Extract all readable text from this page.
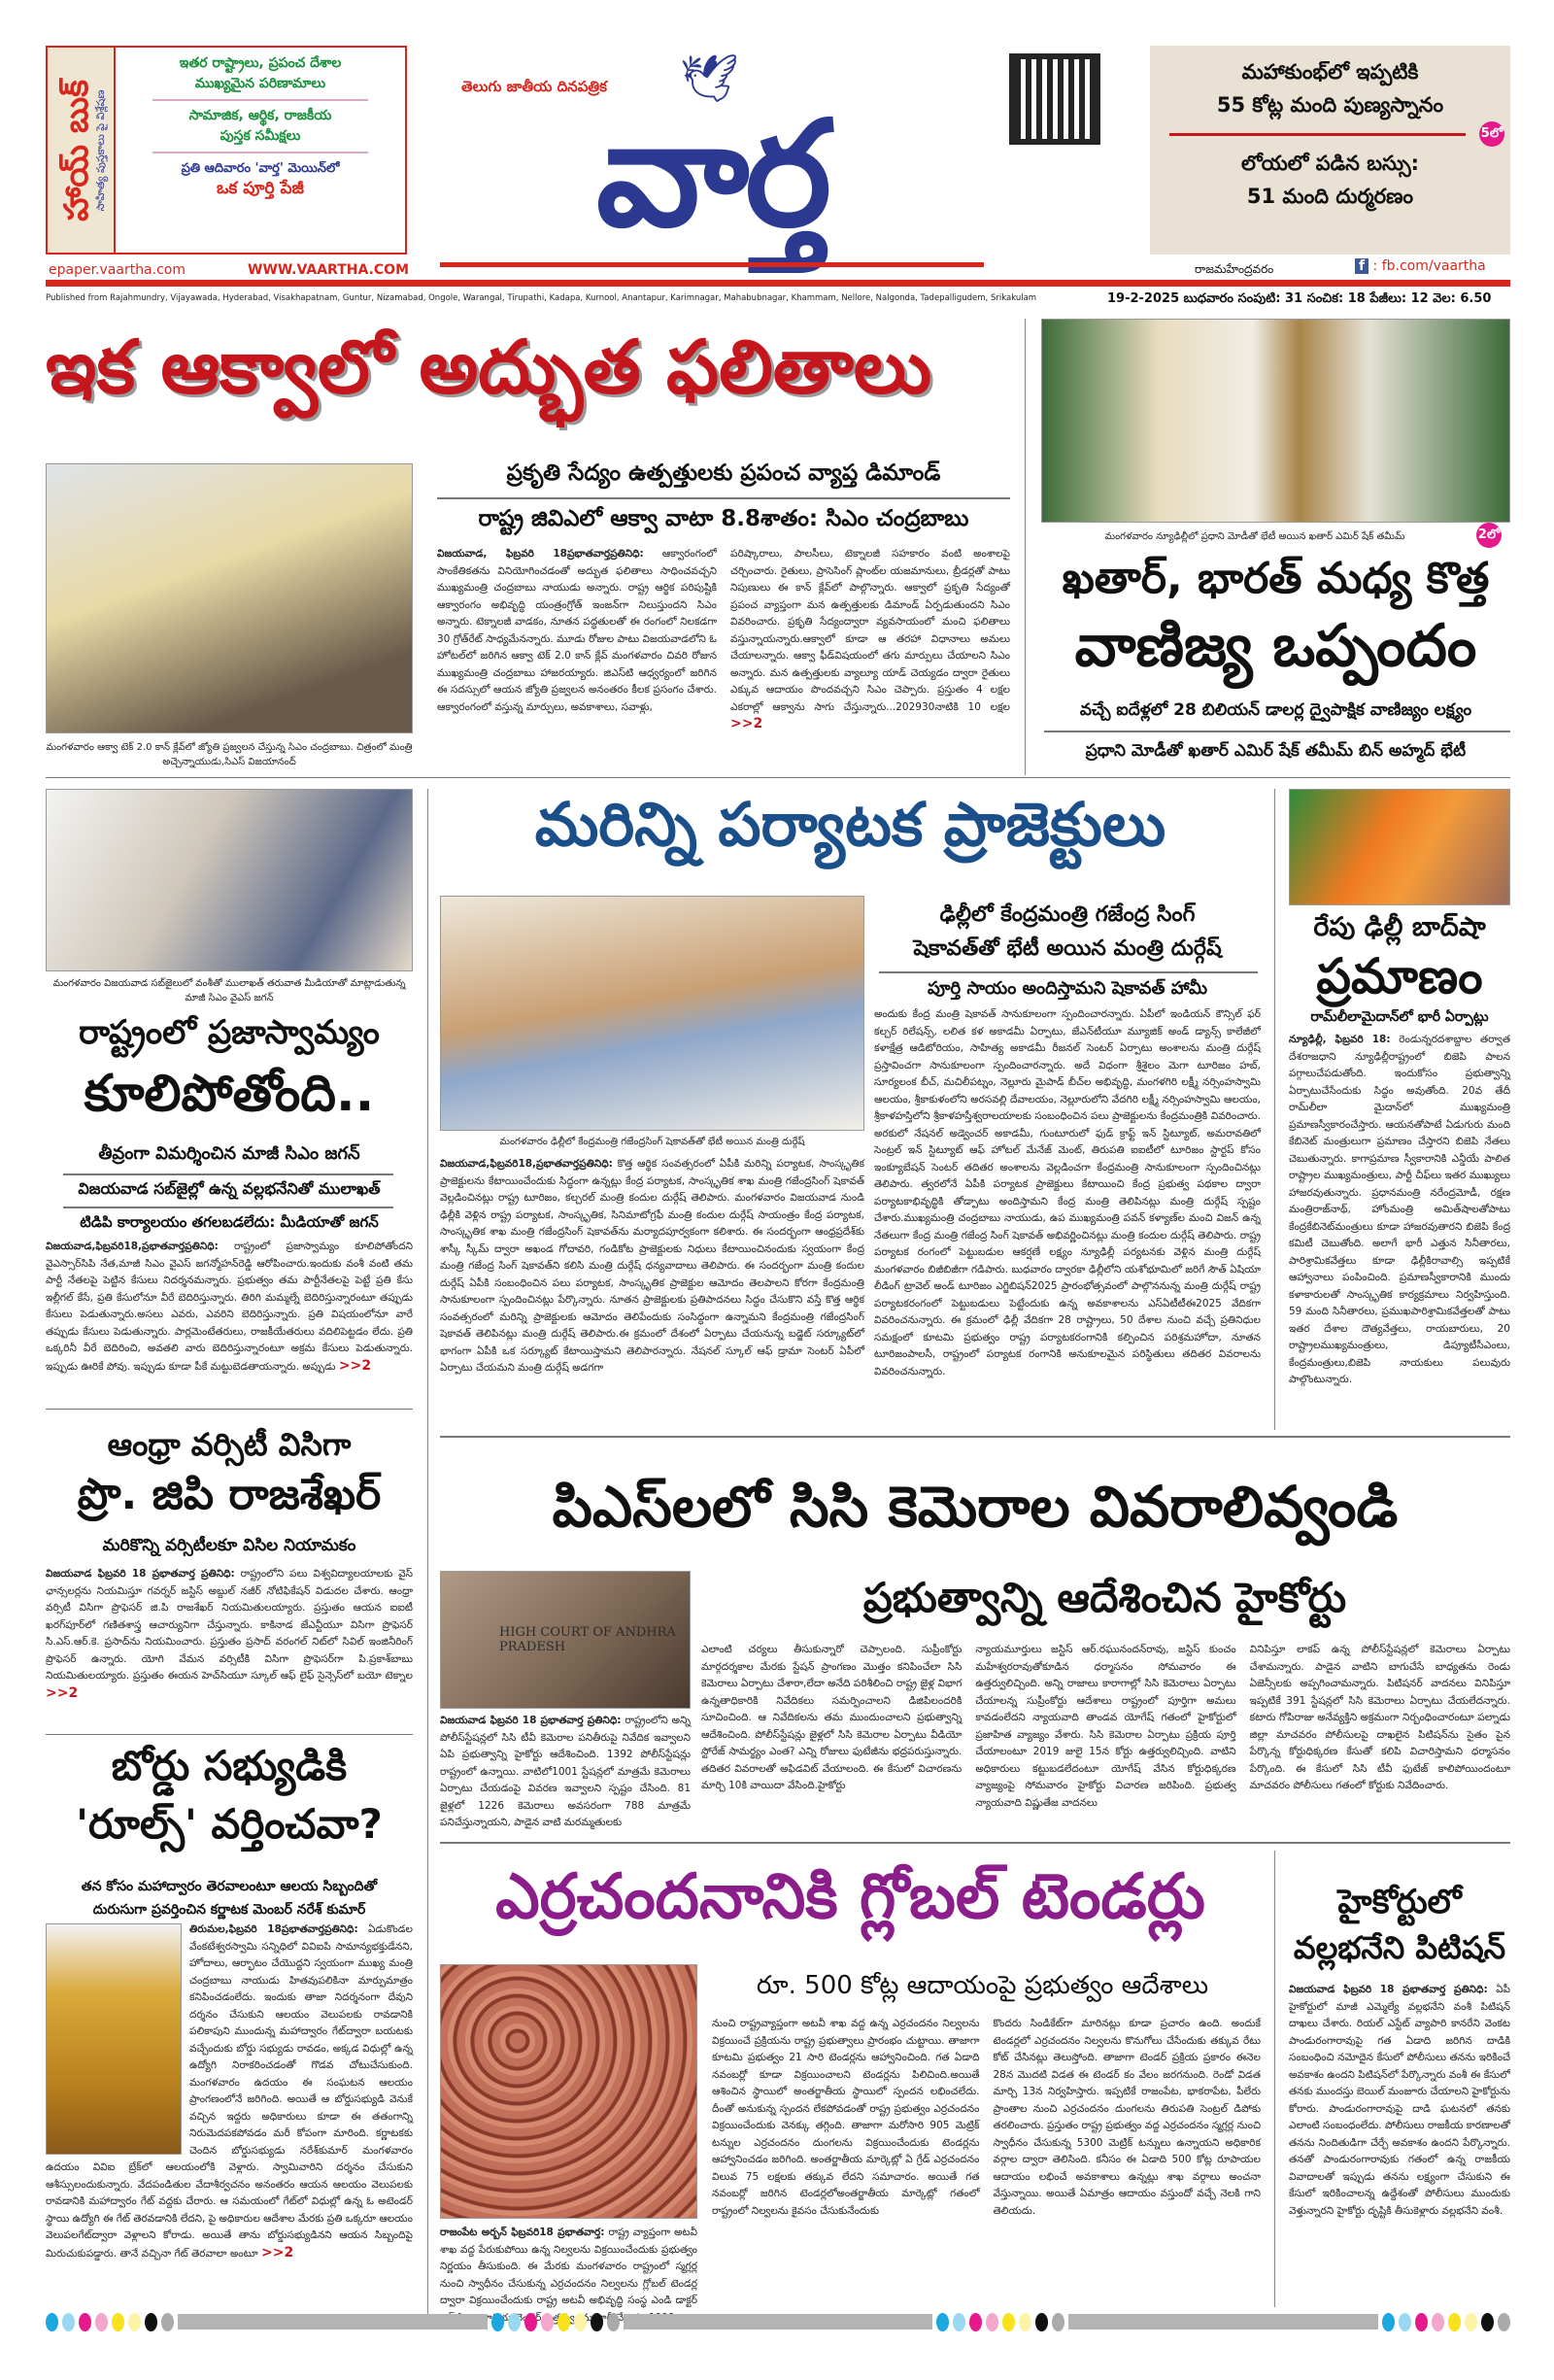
హాయ్ బుక్
సాహిత్య పుస్తకాలు పై విశ్లేషణ
ఇతర రాష్ట్రాలు, ప్రపంచ దేశాల
ముఖ్యమైన పరిణామాలు
సామాజిక, ఆర్థిక, రాజకీయ
పుస్తక సమీక్షలు
ప్రతి ఆదివారం 'వార్త' మెయిన్‌లో
ఒక పూర్తి పేజీ
epaper.vaartha.com	WWW.VAARTHA.COM
తెలుగు జాతీయ దినపత్రిక 🕊
వార్త
మహాకుంభ్‌లో ఇప్పటికి
55 కోట్ల మంది పుణ్యస్నానం
5లో
లోయలో పడిన బస్సు:
51 మంది దుర్మరణం
రాజమహేంద్రవరం	f : fb.com/vaartha
Published from Rajahmundry, Vijayawada, Hyderabad, Visakhapatnam, Guntur, Nizamabad, Ongole, Warangal, Tirupathi, Kadapa, Kurnool, Anantapur, Karimnagar, Mahabubnagar, Khammam, Nellore, Nalgonda, Tadepalligudem, Srikakulam	19-2-2025 బుధవారం సంపుటి: 31 సంచిక: 18 పేజీలు: 12 వెల: 6.50
ఇక ఆక్వాలో అద్భుత ఫలితాలు
మంగళవారం ఆక్వా టెక్ 2.0 కాన్ క్లేవ్‌లో జ్యోతి ప్రజ్వలన చేస్తున్న సిఎం చంద్రబాబు. చిత్రంలో మంత్రి అచ్చెన్నాయుడు,సిఎస్ విజయానంద్
ప్రకృతి సేద్యం ఉత్పత్తులకు ప్రపంచ వ్యాప్త డిమాండ్
రాష్ట్ర జివిఎలో ఆక్వా వాటా 8.8శాతం: సిఎం చంద్రబాబు
విజయవాడ, ఫిబ్రవరి 18ప్రభాతవార్తప్రతినిధి: ఆక్వారంగంలో సాంకేతికతను వినియోగించడంతో అద్భుత ఫలితాలు సాధించవచ్చని ముఖ్యమంత్రి చంద్రబాబు నాయుడు అన్నారు. రాష్ట్ర ఆర్థిక పరిపుష్టికి ఆక్వారంగం అభివృద్ధి యంత్రంగ్రోత్ ఇంజన్‌గా నిలుస్తుందని సిఎం అన్నారు. టెక్నాలజీ వాడకం, నూతన పద్ధతులతో ఈ రంగంలో నిలకడగా 30 గ్రోత్‌రేట్ సాధ్యమేనన్నారు. మూడు రోజుల పాటు విజయవాడలోని ఓ హోటల్‌లో జరిగిన ఆక్వా టెక్ 2.0 కాన్ క్లేవ్ మంగళవారం చివరి రోజున ముఖ్యమంత్రి చంద్రబాబు హాజరయ్యారు. జిఎస్‌టి ఆధ్వర్యంలో జరిగిన ఈ సదస్సులో ఆయన జ్యోతి ప్రజ్వలన అనంతరం కీలక ప్రసంగం చేశారు. ఆక్వారంగంలో వస్తున్న మార్పులు, అవకాశాలు, సవాళ్లు,
పరిష్కారాలు, పాలసీలు, టెక్నాలజీ సహకారం వంటి అంశాలపై చర్చించారు. రైతులు, ప్రాసెసింగ్ ప్లాంట్‌ల యజమానులు, బ్రీడర్లతో పాటు నిపుణులు ఈ కాన్ క్లేవ్‌లో పాల్గొన్నారు. ఆక్వాలో ప్రకృతి సేద్యంతో ప్రపంచ వ్యాప్తంగా మన ఉత్పత్తులకు డిమాండ్ ఏర్పడుతుందని సిఎం వివరించారు. ప్రకృతి సేద్యంద్వారా వ్యవసాయంలో మంచి ఫలితాలు వస్తున్నాయన్నారు.ఆక్వాలో కూడా ఆ తరహా విధానాలు అమలు చేయాలన్నారు. ఆక్వా ఫీడ్‌విషయంలో తగు మార్పులు చేయాలని సిఎం అన్నారు. మన ఉత్పత్తులకు వ్యాల్యూ యాడ్ చెయ్యడం ద్వారా రైతులు ఎక్కువ ఆదాయం పొందవచ్చని సిఎం చెప్పారు. ప్రస్తుతం 4 లక్షల ఎకరాల్లో ఆక్వాను సాగు చేస్తున్నారు...202930నాటికి 10 లక్షల >>2
మంగళవారం న్యూఢిల్లీలో ప్రధాని మోడీతో భేటీ అయిన ఖతార్ ఎమిర్ షేక్ తమీమ్	2లో
ఖతార్, భారత్ మధ్య కొత్త
వాణిజ్య ఒప్పందం
వచ్చే ఐదేళ్లలో 28 బిలియన్ డాలర్ల ద్వైపాక్షిక వాణిజ్యం లక్ష్యం
ప్రధాని మోడీతో ఖతార్ ఎమిర్ షేక్ తమీమ్ బిన్ అహ్మద్ భేటీ
మంగళవారం విజయవాడ సబ్‌జైలులో వంశీతో ములాఖత్ తరువాత మీడియాతో మాట్లాడుతున్న మాజీ సిఎం వైఎస్ జగన్
రాష్ట్రంలో ప్రజాస్వామ్యం
కూలిపోతోంది..
తీవ్రంగా విమర్శించిన మాజీ సిఎం జగన్
విజయవాడ సబ్‌జైల్లో ఉన్న వల్లభనేనితో ములాఖత్
టిడిపి కార్యాలయం తగలబడలేదు: మీడియాతో జగన్
విజయవాడ,ఫిబ్రవరి18,ప్రభాతవార్తప్రతినిధి: రాష్ట్రంలో ప్రజాస్వామ్యం కూలిపోతోందని వైఎస్సార్‌సిపి నేత,మాజీ సిఎం వైఎస్ జగన్మోహన్‌రెడ్డి ఆరోపించారు.ఇందుకు వంశీ వంటి తమ పార్టీ నేతలపై పెట్టిన కేసులు నిదర్శనమన్నారు. ప్రభుత్వం తమ పార్టీనేతలపై పెట్టే ప్రతి కేసు ఇల్లీగల్ కేసే, ప్రతి కేసులోనూ వీరే బెదిరిస్తున్నారు. తిరిగి మమ్మల్నే బెదిరిస్తున్నారంటూ తప్పుడు కేసులు పెడుతున్నారు.అసలు ఎవరు, ఎవరిని బెదిరిస్తున్నారు. ప్రతి విషయంలోనూ వారే తప్పుడు కేసులు పెడుతున్నారు. పార్లమెంటేతరులు, రాజకీయేతరులు వదిలిపెట్టడం లేదు. ప్రతి ఒక్కరినీ వీరే బెదిరించి, అవతలి వారు బెదిరిస్తున్నారంటూ అక్రమ కేసులు పెడుతున్నారు. ఇప్పుడు ఊరికే పోవు. ఇప్పుడు కూడా పీకే మట్టుబెడతాయన్నారు. అప్పుడు >>2
మరిన్ని పర్యాటక ప్రాజెక్టులు
మంగళవారం ఢిల్లీలో కేంద్రమంత్రి గజేంద్రసింగ్ షెకావత్‌తో భేటీ అయిన మంత్రి దుర్గేష్
ఢిల్లీలో కేంద్రమంత్రి గజేంద్ర సింగ్
షెకావత్‌తో భేటీ అయిన మంత్రి దుర్గేష్
పూర్తి సాయం అందిస్తామని షెకావత్ హామీ
అందుకు కేంద్ర మంత్రి షెకావత్ సానుకూలంగా స్పందించారన్నారు. ఏపీలో ఇండియన్ కౌన్సిల్ ఫర్ కల్చర్ రిలేషన్స్, లలిత కళ అకాడమీ ఏర్పాటు, జేఎన్‌టీయూ మ్యూజిక్ అండ్ డ్యాన్స్ కాలేజీలో కళాక్షేత్ర ఆడిటోరియం, సాహిత్య అకాడమీ రీజనల్ సెంటర్ ఏర్పాటు అంశాలను మంత్రి దుర్గేష్ ప్రస్తావించగా సానుకూలంగా స్పందించారన్నారు. అదే విధంగా శ్రీశైలం మెగా టూరిజం హబ్, సూర్యలంక బీచ్, మచిలీపట్నం, నెల్లూరు మైపాడ్ బీచ్‌ల అభివృద్ధి, మంగళగిరి లక్ష్మీ నర్సింహస్వామి ఆలయం, శ్రీకాకుళంలోని అరసవల్లి దేవాలయం, నెల్లూరులోని వేదగిరి లక్ష్మీ నర్సింహస్వామి ఆలయం, శ్రీకాళహస్తిలోని శ్రీకాళహస్తీశ్వరాలయాలకు సంబంధించిన పలు ప్రాజెక్టులను కేంద్రమంత్రికి వివరించారు. అరకులో నేషనల్ అడ్వెంచర్ అకాడమీ, గుంటూరులో ఫుడ్ క్రాఫ్ట్ ఇన్ స్టిట్యూట్, అమరావతిలో సెంట్రల్ ఇన్ స్టిట్యూట్ ఆఫ్ హోటల్ మేనేజ్ మెంట్, తిరుపతి ఐఐటీలో టూరిజం స్టార్టప్ కోసం ఇంక్యూబేషన్ సెంటర్ తదితర అంశాలను వెల్లడించగా కేంద్రమంత్రి సానుకూలంగా స్పందించినట్లు తెలిపారు. త్వరలోనే ఏపీకి పర్యాటక ప్రాజెక్టులు కేటాయించి కేంద్ర ప్రభుత్వ పథకాల ద్వారా పర్యాటకాభివృద్ధికి తోడ్పాటు అందిస్తామని కేంద్ర మంత్రి తెలిపినట్లు మంత్రి దుర్గేష్ స్పష్టం చేశారు.ముఖ్యమంత్రి చంద్రబాబు నాయుడు, ఉప ముఖ్యమంత్రి పవన్ కళ్యాణ్‌ల మంచి విజన్ ఉన్న నేతలుగా కేంద్ర మంత్రి గజేంద్ర సింగ్ షెకావత్ అభివర్ణించినట్లు మంత్రి కందుల దుర్గేష్ తెలిపారు. రాష్ట్ర పర్యాటక రంగంలో పెట్టుబడుల ఆకర్షణే లక్ష్యం న్యూఢిల్లీ పర్యటనకు వెళ్లిన మంత్రి దుర్గేష్ మంగళవారం బిజీబిజీగా గడిపారు. బుధవారం ద్వారకా ఢిల్లీలోని యశోభూమిలో జరిగే సౌత్ ఏషియా లీడింగ్ ట్రావెల్ అండ్ టూరిజం ఎగ్జిబిషన్2025 ప్రారంభోత్సవంలో పాల్గొననున్న మంత్రి దుర్గేష్ రాష్ట్ర పర్యాటకరంగంలో పెట్టుబడులు పెట్టేందుకు ఉన్న అవకాశాలను ఎస్‌ఏటీటీఈ2025 వేదికగా వివరించనున్నారు. ఈ క్రమంలో ఢిల్లీ వేదికగా 28 రాష్ట్రాలు, 50 దేశాల నుంచి వచ్చే ప్రతినిధుల సమక్షంలో కూటమి ప్రభుత్వం రాష్ట్ర పర్యాటకరంగానికి కల్పించిన పరిశ్రమహోదా, నూతన టూరిజంపాలసీ, రాష్ట్రంలో పర్యాటక రంగానికి అనుకూలమైన పరిస్థితులు తదితర వివరాలను వివరించనున్నారు.
విజయవాడ,ఫిబ్రవరి18,ప్రభాతవార్తప్రతినిధి: కొత్త ఆర్థిక సంవత్సరంలో ఏపీకి మరిన్ని పర్యాటక, సాంస్కృతిక ప్రాజెక్టులను కేటాయించేందుకు సిద్ధంగా ఉన్నట్లు కేంద్ర పర్యాటక, సాంస్కృతిక శాఖ మంత్రి గజేంద్రసింగ్ షెకావత్ వెల్లడించినట్లు రాష్ట్ర టూరిజం, కల్చరల్ మంత్రి కందుల దుర్గేష్ తెలిపారు. మంగళవారం విజయవాడ నుండి ఢిల్లీకి వెళ్లిన రాష్ట్ర పర్యాటక, సాంస్కృతిక, సినిమాటోగ్రఫీ మంత్రి కందుల దుర్గేష్ సాయంత్రం కేంద్ర పర్యాటక, సాంస్కృతిక శాఖ మంత్రి గజేంద్రసింగ్ షెకావత్‌ను మర్యాదపూర్వకంగా కలిశారు. ఈ సందర్భంగా ఆంధ్రప్రదేశ్‌కు శాస్కీ స్కీమ్ ద్వారా అఖండ గోదావరి, గండికోట ప్రాజెక్టులకు నిధులు కేటాయించినందుకు స్వయంగా కేంద్ర మంత్రి గజేంద్ర సింగ్ షెకావత్‌ని కలిసి మంత్రి దుర్గేష్ ధన్యవాదాలు తెలిపారు. ఈ సందర్భంగా మంత్రి కందుల దుర్గేష్ ఏపీకి సంబంధించిన పలు పర్యాటక, సాంస్కృతిక ప్రాజెక్టుల ఆమోదం తెలపాలని కోరగా కేంద్రమంత్రి సానుకూలంగా స్పందించినట్లు పేర్కొన్నారు. నూతన ప్రాజెక్టులకు ప్రతిపాదనలు సిద్ధం చేసుకొని వస్తే కొత్త ఆర్థిక సంవత్సరంలో మరిన్ని ప్రాజెక్టులకు ఆమోదం తెలిపేందుకు సంసిద్ధంగా ఉన్నామని కేంద్రమంత్రి గజేంద్రసింగ్ షెకావత్ తెలిపినట్లు మంత్రి దుర్గేష్ తెలిపారు.ఈ క్రమంలో దేశంలో ఏర్పాటు చేయనున్న బడ్జెట్ సర్క్యూట్‌లో భాగంగా ఏపీకి ఒక సర్క్యూట్ కేటాయిస్తామని తెలిపారన్నారు. నేషనల్ స్కూల్ ఆఫ్ డ్రామా సెంటర్ ఏపీలో ఏర్పాటు చేయమని మంత్రి దుర్గేష్ అడగగా
రేపు ఢిల్లీ బాద్‌షా
ప్రమాణం
రామ్‌లీలామైదాన్‌లో భారీ ఏర్పాట్లు
న్యూఢిల్లీ, ఫిబ్రవరి 18: రెండున్నరదశాబ్దాల తర్వాత దేశరాజధాని న్యూఢిల్లీరాష్ట్రంలో బిజెపి పాలన పగ్గాలుచేపడుతోంది. ఇందుకోసం ప్రభుత్వాన్ని ఏర్పాటుచేసేందుకు సిద్ధం అవుతోంది. 20వ తేదీ రామ్‌లీలా మైదాన్‌లో ముఖ్యమంత్రి ప్రమాణస్వీకారంచేస్తారు. ఆయనతోపాటే ఏడుగురు మంది కేబినెట్ మంత్రులుగా ప్రమాణం చేస్తారని బిజెపి నేతలు చెబుతున్నారు. కాగాప్రమాణ స్వీకారానికి ఎన్డీయే పాలిత రాష్ట్రాల ముఖ్యమంత్రులు, పార్టీ చీఫ్‌లు ఇతర ముఖ్యులు హాజరవుతున్నారు. ప్రధానమంత్రి నరేంద్రమోడీ, రక్షణ మంత్రిరాజ్‌నాథ్, హోంమంత్రి అమిత్‌షాలతోపాటు కేంద్రకేబినెట్‌మంత్రులు కూడా హాజరవుతారని బిజెపి కేంద్ర కమిటీ చెబుతోంది. అలాగే భారీ ఎత్తున సినీతారలు, పారిశ్రామికవేత్తలు కూడా ఢిల్లీకిరావాల్సి ఇప్పటికే ఆహ్వానాలు పంపించింది. ప్రమాణస్వీకారానికి ముందు కళాకారులతో సాంస్కృతిక కార్యక్రమాలు నిర్వహిస్తుంది. 59 మంది సినీతారలు, ప్రముఖపారిశ్రామికవేత్తలతో పాటు ఇతర దేశాల దౌత్యవేత్తలు, రాయబారులు, 20 రాష్ట్రాలముఖ్యమంత్రులు, డిప్యూటీసీఎంలు, కేంద్రమంత్రులు,బిజెపి నాయకులు పలువురు పాల్గొంటున్నారు.
ఆంధ్రా వర్సిటీ విసిగా
ప్రొ. జిపి రాజశేఖర్
మరికొన్ని వర్సిటీలకూ విసిల నియామకం
విజయవాడ ఫిబ్రవరి 18 ప్రభాతవార్త ప్రతినిధి: రాష్ట్రంలోని పలు విశ్వవిద్యాలయాలకు వైస్ ఛాన్సలర్లను నియమిస్తూ గవర్నర్ జస్టిస్ అబ్దుల్ నజీర్ నోటిఫికేషన్ విడుదల చేశారు. ఆంధ్రా వర్సిటీ విసిగా ప్రొఫెసర్ జి.పి రాజశేఖర్ నియమితులయ్యారు. ప్రస్తుతం ఆయన ఐఐటీ ఖరగ్‌పూర్‌లో గణితశాస్త్ర ఆచార్యునిగా చేస్తున్నారు. కాకినాడ జేఎన్టీయూ విసిగా ప్రొఫెసర్ సి.ఎస్.ఆర్.కె. ప్రసాద్‌ను నియమించారు. ప్రస్తుతం ప్రసాద్ వరంగల్ నిట్‌లో సివిల్ ఇంజినీరింగ్ ప్రొఫెసర్ ఉన్నారు. యోగి వేమన వర్సిటీకి విసిగా ప్రొఫెసర్‌గా పి.ప్రకాశ్‌బాబు నియమితులయ్యారు. ప్రస్తుతం ఈయన హెచ్‌సియూ స్కూల్ ఆఫ్ లైఫ్ సైన్సెస్‌లో బయో టెక్నాల >>2
బోర్డు సభ్యుడికి
'రూల్స్' వర్తించవా?
తన కోసం మహాద్వారం తెరవాలంటూ ఆలయ సిబ్బందితో దురుసుగా ప్రవర్తించిన కర్ణాటక మెంబర్ నరేశ్ కుమార్
తిరుమల,ఫిబ్రవరి 18ప్రభాతవార్తప్రతినిధి: ఏడుకొండల వేంకటేశ్వరస్వామి సన్నిధిలో వివిఐపి సామాన్యభక్తుడేనని, హోదాలు, ఆర్భాటం చేయొద్దని స్వయంగా ముఖ్య మంత్రి చంద్రబాబు నాయుడు హితవుపలికినా మార్పుమాత్రం కనిపించడంలేదు. ఇందుకు తాజా నిదర్శనంగా దేవుని దర్శనం చేసుకుని ఆలయం వెలుపలకు రావడానికి పలికాపుని ముందున్న మహాద్వారం గేట్‌ద్వారా బయటకు వచ్చేందుకు బోర్డు సభ్యుడు రావడం, అక్కడ విధుల్లో ఉన్న ఉద్యోగి నిరాకరించడంతో గొడవ చోటుచేసుకుంది. మంగళవారం ఉదయం ఈ సంఘటన ఆలయం ప్రాంగణంలోనే జరిగింది. అయితే ఆ బోర్డుసభ్యుడి వెనుకే వచ్చిన ఇద్దరు అధికారులు కూడా ఈ తతంగాన్ని నిరుమెదపకపోవడం మరీ కోపంగా మారింది. కర్ణాటకకు చెందిన బోర్డుసభ్యుడు నరేశ్‌కుమార్ మంగళవారం ఉదయం వివిఐ బ్రేక్‌లో ఆలయంలోకి వెళ్లారు. స్వామివారిని దర్శనం చేసుకుని ఆశీస్సులందుకున్నారు. వేదపండితుల వేదాశీర్వచనం అనంతరం ఆయన ఆలయం వెలుపలకు రావడానికి మహాద్వారం గేట్ వద్దకు చేరారు. ఆ సమయంలో గేట్‌లో విధుల్లో ఉన్న ఓ అటెండర్ స్థాయి ఉద్యోగి ఈ గేట్ తెరవడానికి లేదని, పై అధికారుల ఆదేశాల మేరకు ప్రతి ఒక్కరూ ఆలయం వెలుపలగేట్‌ద్వారా వెళ్లాలని కోరాడు. అయితే తాను బోర్డుసభ్యుడినని ఆయన సిబ్బందిపై మిరుచుకుపడ్డారు. తానే వచ్చినా గేట్ తెరవాలా అంటూ >>2
పిఎస్‌లలో సిసి కెమెరాల వివరాలివ్వండి
HIGH COURT OF ANDHRA PRADESH
ప్రభుత్వాన్ని ఆదేశించిన హైకోర్టు
విజయవాడ ఫిబ్రవరి 18 ప్రభాతవార్త ప్రతినిధి: రాష్ట్రంలోని అన్ని పోలీస్‌స్టేషన్లలో సిసి టీవీ కెమెరాల పనితీరుపై నివేదిక ఇవ్వాలని ఏపి ప్రభుత్వాన్ని హైకోర్టు ఆదేశించింది. 1392 పోలీస్‌స్టేషన్లు రాష్ట్రంలో ఉన్నాయి. వాటిలో1001 స్టేషన్లలో మాత్రమే కెమెరాలు ఏర్పాటు చేయడంపై వివరణ ఇవ్వాలని స్పష్టం చేసింది. 81 జైళ్లలో 1226 కెమెరాలు అవసరంగా 788 మాత్రమే పనిచేస్తున్నాయని, పాడైన వాటి మరమ్మతులకు
ఎలాంటి చర్యలు తీసుకున్నారో చెప్పాలంది. సుప్రీంకోర్టు మార్గదర్శకాల మేరకు స్టేషన్ ప్రాంగణం మొత్తం కనిపించేలా సిసి కెమెరాలు ఏర్పాటు చేశారా,లేదా అనేది పరిశీలించి రాష్ట్ర జైళ్ల విభాగ ఉన్నతాధికారికి నివేదికలు సమర్పించాలని డిజిపిలందరికి సూచించింది. ఆ నివేదికలను తమ ముందుంచాలని ప్రభుత్వాన్ని ఆదేశించింది. పోలీస్‌స్టేషన్లు జైళ్లలో సిసి కెమెరాల ఏర్పాటు వీడియో స్టోరేజ్ సామర్థ్యం ఎంత? ఎన్ని రోజులు ఫుటేజీను భద్రపరుస్తున్నారు. తదితర వివరాలతో అఫిడవిట్ వేయాలంది. ఈ కేసులో విచారణను మార్చి 10కి వాయిదా వేసింది.హైకోర్టు
న్యాయమూర్తులు జస్టిస్ ఆర్.రఘునందన్‌రావు, జస్టిస్ కుంచం మహేశ్వరరావుతోకూడిన ధర్మాసనం సోమవారం ఈ ఉత్తర్వులిచ్చింది. అన్ని రాజాలు కారాగాల్లో సిసి కెమెరాలు ఏర్పాటు చేయాలన్న సుప్రీంకోర్టు ఆదేశాలు రాష్ట్రంలో పూర్తిగా అమలు కావడంలేదని న్యాయవాది తాండవ యోగేష్ గతంలో హైకోర్టులో ప్రజాహిత వ్యాజ్యం వేశారు. సిసి కెమెరాల ఏర్పాటు ప్రక్రియ పూర్తి చేయాలంటూ 2019 జులై 15న కోర్టు ఉత్తర్వులిచ్చింది. వాటిని అధికారులు కట్టుబడలేదంటూ యోగేష్ వేసిన కోర్టుధిక్కరణ వ్యాజ్యంపై సోమవారం హైకోర్టు విచారణ జరిపింది. ప్రభుత్వ న్యాయవాది విష్ణుతేజ వాదనలు
వినిపిస్తూ లాకప్ ఉన్న పోలీస్‌స్టేషన్లలో కెమెరాలు ఏర్పాటు చేశామన్నారు. పాడైన వాటిని బాగుచేసే బాధ్యతను రెండు ఏజెన్సీలకు అప్పగించామన్నారు. పిటిషనర్ వాదనలు వినిపిస్తూ ఇప్పటికే 391 స్టేషన్లలో సిసి కెమెరాలు ఏర్పాటు చేయలేదన్నారు. కటారు గోపిరాజు అనేవ్యక్తిని అక్రమంగా నిర్బంధించారంటూ పల్నాడు జిల్లా మాచవరం పోలీసులపై దాఖలైన పిటిషన్‌ను సైతం పైన పేర్కొన్న కోర్టుధిక్కరణ కేసుతో కలిపి విచారిస్తామని ధర్మాసనం పేర్కొంది. ఈ కేసులో సిసి టీవీ ఫుటేజ్ కాలిపోయిందంటూ మాచవరం పోలీసులు గతంలో కోర్టుకు నివేదించారు.
ఎర్రచందనానికి గ్లోబల్ టెండర్లు
రూ. 500 కోట్ల ఆదాయంపై ప్రభుత్వం ఆదేశాలు
రాజంపేట అర్బన్ ఫిబ్రవరి18 ప్రభాతవార్త: రాష్ట్ర వ్యాప్తంగా అటవీ శాఖ వద్ద పేరుకుపోయి ఉన్న నిల్వలను విక్రయించేందుకు ప్రభుత్వం నిర్ణయం తీసుకుంది. ఈ మేరకు మంగళవారం రాష్ట్రంలో స్మగ్లర్ల నుంచి స్వాధీనం చేసుకున్న ఎర్రచందనం నిల్వలను గ్లోబల్ టెండర్ల ద్వారా విక్రయించేందుకు రాష్ట్ర అటవీ అభివృద్ధి సంస్థ ఎండి డాక్టర్ జారీ
నుంచి రాష్ట్రవ్యాప్తంగా అటవీ శాఖ వద్ద ఉన్న ఎర్రచందనం నిల్వలను విక్రయించే ప్రక్రియను రాష్ట్ర ప్రభుత్వాలు ప్రారంభం చుట్టాయి. తాజాగా కూటమి ప్రభుత్వం 21 సారి టెండర్లను ఆహ్వానించింది. గత ఏడాది నవంబర్లో కూడా విక్రయించాలని టెండర్లను పిలిచింది.అయితే ఆశించిన స్థాయిలో అంతర్జాతీయ స్థాయిలో స్పందన లభించలేదు. దీంతో అనుకున్న స్పందన లేకపోవడంతో రాష్ట్ర ప్రభుత్వం ఎర్రచందనం విక్రయించేందుకు వెనక్కు తగ్గింది. తాజాగా మరోసారి 905 మెట్రిక్ టన్నుల ఎర్రచందనం దుంగలను విక్రయించేందుకు టెండర్లను ఆహ్వానించడం జరిగింది. అంతర్జాతీయ మార్కెట్లో ఏ గ్రేడ్ ఎర్రచందనం విలువ 75 లక్షలకు తక్కువ లేదని సమాచారం. అయితే గత నవంబర్లో జరిగిన టెండర్లలోఅంతర్జాతీయ మార్కెట్లో గతంలో రాష్ట్రంలో నిల్వలను కైవసం చేసుకునేందుకు
కొందరు సిండికేట్‌గా మారినట్లు కూడా ప్రచారం ఉంది. అందుకే టెండర్లలో ఎర్రచందనం నిల్వలను కొనుగోలు చేసేందుకు తక్కువ రేటు కోట్ చేసినట్లు తెలుస్తోంది. తాజాగా టెండర్ ప్రక్రియ ప్రకారం ఈనెల 28న మొదటి విడత ఈ టెండర్ కం వేలం జరగనుంది. రెండో విడత మార్చి 13న నిర్వహిస్తారు. ఇప్పటికే రాజంపేట, భాకరాపేట, పీలేరు ప్రాంతాల నుంచి ఎర్రచందనం దుంగలను తిరుపతి సెంట్రల్ డిపోకు తరలించారు. ప్రస్తుతం రాష్ట్ర ప్రభుత్వం వద్ద ఎర్రచందనం స్మగ్లర్ల నుంచి స్వాధీనం చేసుకున్న 5300 మెట్రిక్ టన్నులు ఉన్నాయని అధికారిక వర్గాల ద్వారా తెలిసింది. కనీసం ఈ ఏడాది 500 కోట్ల రూపాయల ఆదాయం లభించే అవకాశాలు ఉన్నట్లు శాఖ వర్గాలు అంచనా వేస్తున్నాయి. అయితే ఏమాత్రం ఆదాయం వస్తుందో వచ్చే నెలకి గాని తెలియదు.
హైకోర్టులో
వల్లభనేని పిటిషన్
విజయవాడ ఫిబ్రవరి 18 ప్రభాతవార్త ప్రతినిధి: ఏపీ హైకోర్టులో మాజీ ఎమ్మెల్యే వల్లభనేని వంశీ పిటిషన్ దాఖలు చేశారు. రియల్ ఎస్టేట్ వ్యాపారి కానరేని వెంకట పాండురంగారావుపై గత ఏడాది జరిగిన దాడికి సంబంధించి నమోదైన కేసులో పోలీసులు తనను ఇరికించే అవకాశం ఉందని పిటిషన్‌లో పేర్కొన్నారు వంశీ ఈ కేసులో తనకు ముందస్తు బెయిల్ మంజూరు చేయాలని హైకోర్టును కోరారు. పాండురంగారావుపై దాడి ఘటనలో తనకు ఎలాంటి సంబంధంలేదు. పోలీసులు రాజకీయ కారణాలతో తనను నిందితుడిగా చేర్చే అవకాశం ఉందని పేర్కొన్నారు. తనతో పాండురంగారావుకు గతంలో ఉన్న రాజకీయ వివాదాలతో ఇప్పుడు తనను లక్ష్యంగా చేసుకుని ఈ కేసులో ఇరికించాలన్న ఉద్దేశంతో పోలీసులు ముందుకు వెళ్తున్నారని హైకోర్టు దృష్టికి తీసుకెళ్లారు వల్లభనేని వంశీ.
